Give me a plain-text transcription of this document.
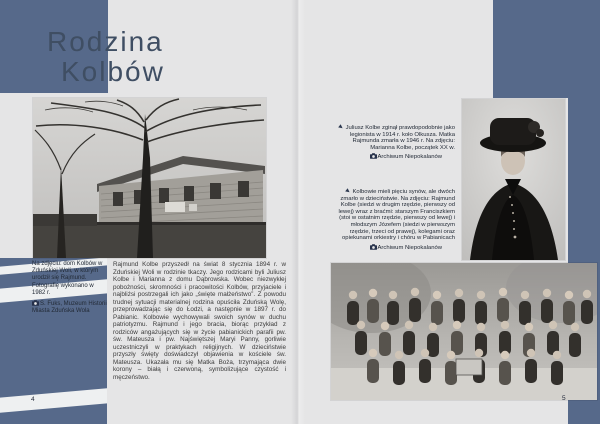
Rodzina
Kolbów
Na zdjęciu: dom Kolbów w Zduńskiej Woli, w którym urodził się Rajmund. Fotografię wykonano w 1982 r.
S. Fuks, Muzeum Historii Miasta Zduńska Wola
Rajmund Kolbe przyszedł na świat 8 stycznia 1894 r. w Zduńskiej Woli w rodzinie tkaczy. Jego rodzicami byli Juliusz Kolbe i Marianna z domu Dąbrowska. Wobec niezwykłej pobożności, skromności i pracowitości Kolbów, przyjaciele i najbliżsi postrzegali ich jako „święte małżeństwo”. Z powodu trudnej sytuacji materialnej rodzina opuściła Zduńską Wolę, przeprowadzając się do Łodzi, a następnie w 1897 r. do Pabianic. Kolbowie wychowywali swoich synów w duchu patriotyzmu. Rajmund i jego bracia, biorąc przykład z rodziców angażujących się w życie pabianickich parafii pw. św. Mateusza i pw. Najświętszej Maryi Panny, gorliwie uczestniczyli w praktykach religijnych. W dzieciństwie przyszły święty doświadczył objawienia w kościele św. Mateusza. Ukazała mu się Matka Boża, trzymająca dwie korony – białą i czerwoną, symbolizujące czystość i męczeństwo.
Juliusz Kolbe zginął prawdopodobnie jako legionista w 1914 r. koło Olkusza. Matka Rajmunda zmarła w 1946 r. Na zdjęciu: Marianna Kolbe, początek XX w.
Archiwum Niepokalanów
Kolbowie mieli pięciu synów, ale dwóch zmarło w dzieciństwie. Na zdjęciu: Rajmund Kolbe (siedzi w drugim rzędzie, pierwszy od lewej) wraz z braćmi: starszym Franciszkiem (stoi w ostatnim rzędzie, pierwszy od lewej) i młodszym Józefem (siedzi w pierwszym rzędzie, trzeci od prawej), kolegami oraz opiekunami orkiestry i chóru w Pabianicach
Archiwum Niepokalanów
4	5
